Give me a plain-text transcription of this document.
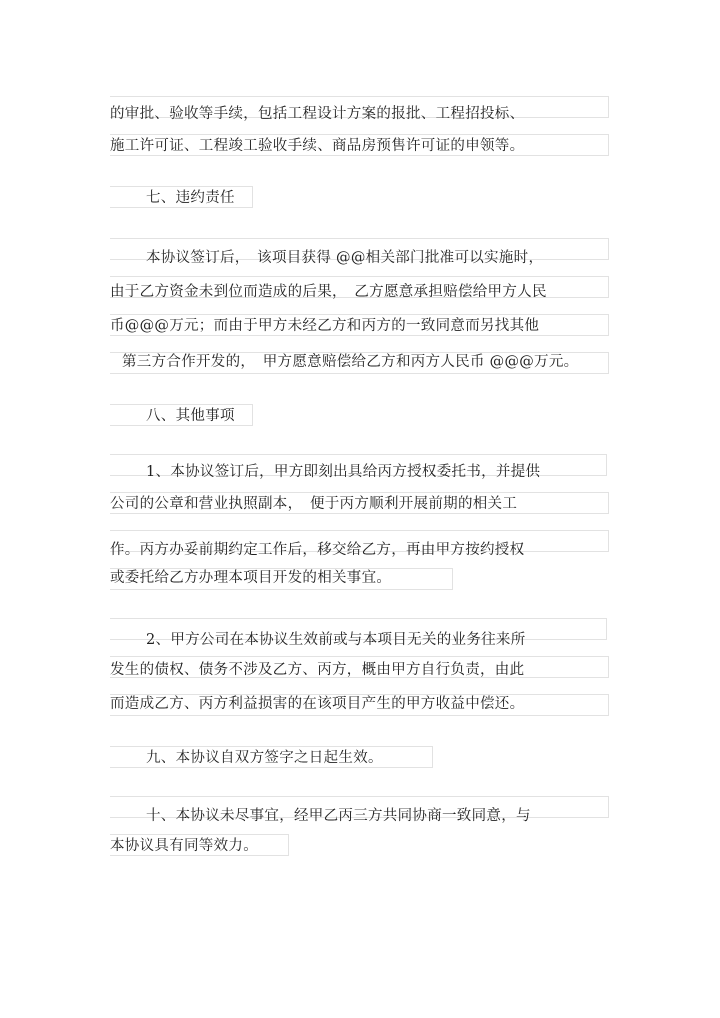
的审批、验收等手续，包括工程设计方案的报批、工程招投标、
施工许可证、工程竣工验收手续、商品房预售许可证的申领等。
七、违约责任
本协议签订后，　该项目获得 @@相关部门批准可以实施时，
由于乙方资金未到位而造成的后果，　乙方愿意承担赔偿给甲方人民
币@@@万元；而由于甲方未经乙方和丙方的一致同意而另找其他
第三方合作开发的，　甲方愿意赔偿给乙方和丙方人民币 @@@万元。
八、其他事项
1、本协议签订后，甲方即刻出具给丙方授权委托书，并提供
公司的公章和营业执照副本，　便于丙方顺利开展前期的相关工
作。丙方办妥前期约定工作后，移交给乙方，再由甲方按约授权
或委托给乙方办理本项目开发的相关事宜。
2、甲方公司在本协议生效前或与本项目无关的业务往来所
发生的债权、债务不涉及乙方、丙方，概由甲方自行负责，由此
而造成乙方、丙方利益损害的在该项目产生的甲方收益中偿还。
九、本协议自双方签字之日起生效。
十、本协议未尽事宜，经甲乙丙三方共同协商一致同意，与
本协议具有同等效力。
